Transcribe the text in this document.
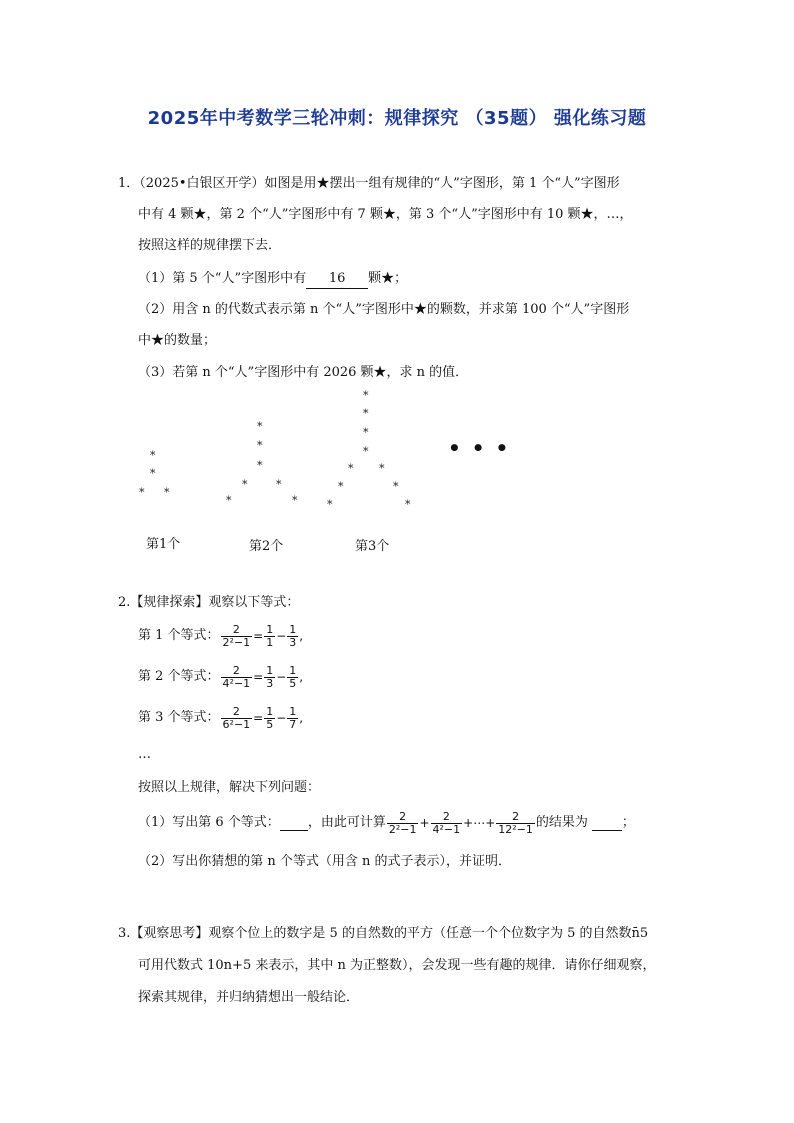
2025年中考数学三轮冲刺：规律探究 （35题） 强化练习题
1．（2025•白银区开学）如图是用★摆出一组有规律的“人”字图形，第 1 个“人”字图形
中有 4 颗★，第 2 个“人”字图形中有 7 颗★，第 3 个“人”字图形中有 10 颗★，…，
按照这样的规律摆下去．
（1）第 5 个“人”字图形中有 16 颗★；
（2）用含 n 的代数式表示第 n 个“人”字图形中★的颗数，并求第 100 个“人”字图形
中★的数量；
（3）若第 n 个“人”字图形中有 2026 颗★，求 n 的值．
*
*
* *
*
*
*
*	*
*	*
*
*
*
*
* *
*	*
*	*
• • •
第1个	第2个	第3个
2.【规律探索】观察以下等式：
第 1 个等式： $\frac{2}{\text{2²−1}} = \frac{1}{1} - \frac{1}{3}$ ,
第 2 个等式： $\frac{2}{\text{4²−1}} = \frac{1}{3} - \frac{1}{5}$ ,
第 3 个等式： $\frac{2}{\text{6²−1}} = \frac{1}{5} - \frac{1}{7}$ ,
…
按照以上规律，解决下列问题：
（1）写出第 6 个等式： ，由此可计算 $\frac{2}{\text{2²−1}} + \frac{2}{\text{4²−1}}$ +⋯+ $\frac{2}{\text{12²−1}}$ 的结果为	；
（2）写出你猜想的第 n 个等式（用含 n 的式子表示），并证明．
3.【观察思考】观察个位上的数字是 5 的自然数的平方（任意一个个位数字为 5 的自然数n̄5
可用代数式 10n+5 来表示，其中 n 为正整数），会发现一些有趣的规律．请你仔细观察，
探索其规律，并归纳猜想出一般结论．
